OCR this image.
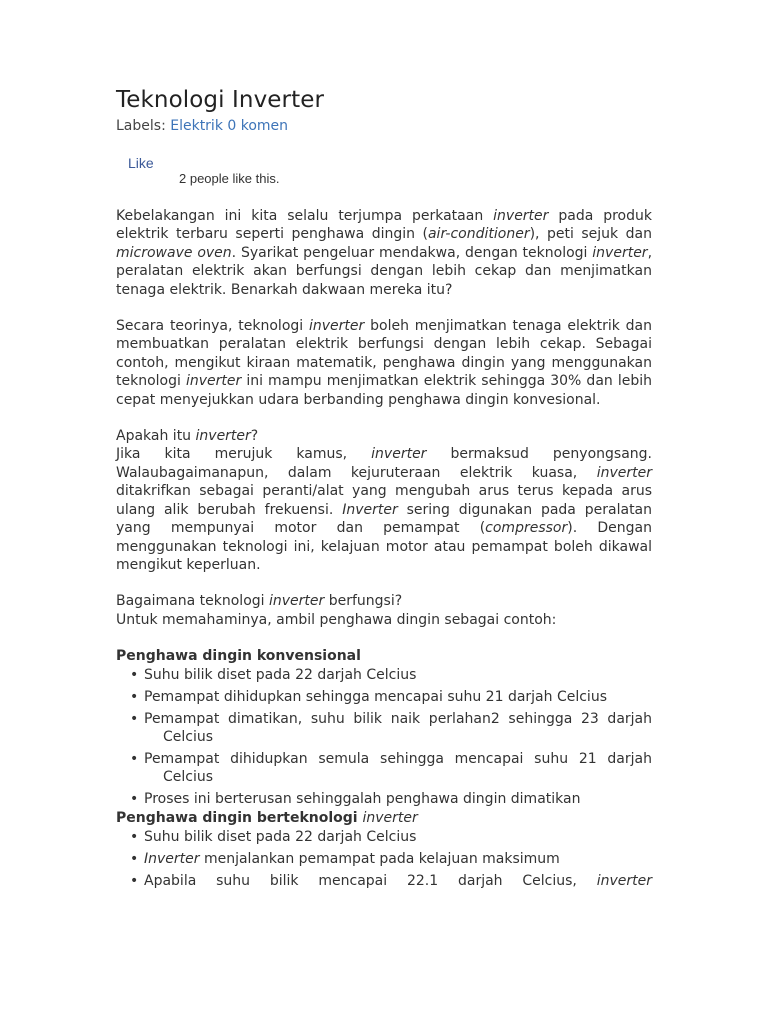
Teknologi Inverter
Labels: Elektrik 0 komen
Like
2 people like this.

Kebelakangan ini kita selalu terjumpa perkataan inverter pada produk elektrik terbaru seperti penghawa dingin (air-conditioner), peti sejuk dan microwave oven. Syarikat pengeluar mendakwa, dengan teknologi inverter, peralatan elektrik akan berfungsi dengan lebih cekap dan menjimatkan tenaga elektrik. Benarkah dakwaan mereka itu?

Secara teorinya, teknologi inverter boleh menjimatkan tenaga elektrik dan membuatkan peralatan elektrik berfungsi dengan lebih cekap. Sebagai contoh, mengikut kiraan matematik, penghawa dingin yang menggunakan teknologi inverter ini mampu menjimatkan elektrik sehingga 30% dan lebih cepat menyejukkan udara berbanding penghawa dingin konvesional.

Apakah itu inverter?

Jika kita merujuk kamus, inverter bermaksud penyongsang. Walaubagaimanapun, dalam kejuruteraan elektrik kuasa, inverter ditakrifkan sebagai peranti/alat yang mengubah arus terus kepada arus ulang alik berubah frekuensi. Inverter sering digunakan pada peralatan yang mempunyai motor dan pemampat (compressor). Dengan menggunakan teknologi ini, kelajuan motor atau pemampat boleh dikawal mengikut keperluan.

Bagaimana teknologi inverter berfungsi?

Untuk memahaminya, ambil penghawa dingin sebagai contoh:

Penghawa dingin konvensional

• Suhu bilik diset pada 22 darjah Celcius
• Pemampat dihidupkan sehingga mencapai suhu 21 darjah Celcius
• Pemampat dimatikan, suhu bilik naik perlahan2 sehingga 23 darjah Celcius
• Pemampat dihidupkan semula sehingga mencapai suhu 21 darjah Celcius
• Proses ini berterusan sehinggalah penghawa dingin dimatikan

Penghawa dingin berteknologi inverter

• Suhu bilik diset pada 22 darjah Celcius
• Inverter menjalankan pemampat pada kelajuan maksimum
• Apabila suhu bilik mencapai 22.1 darjah Celcius, inverter
